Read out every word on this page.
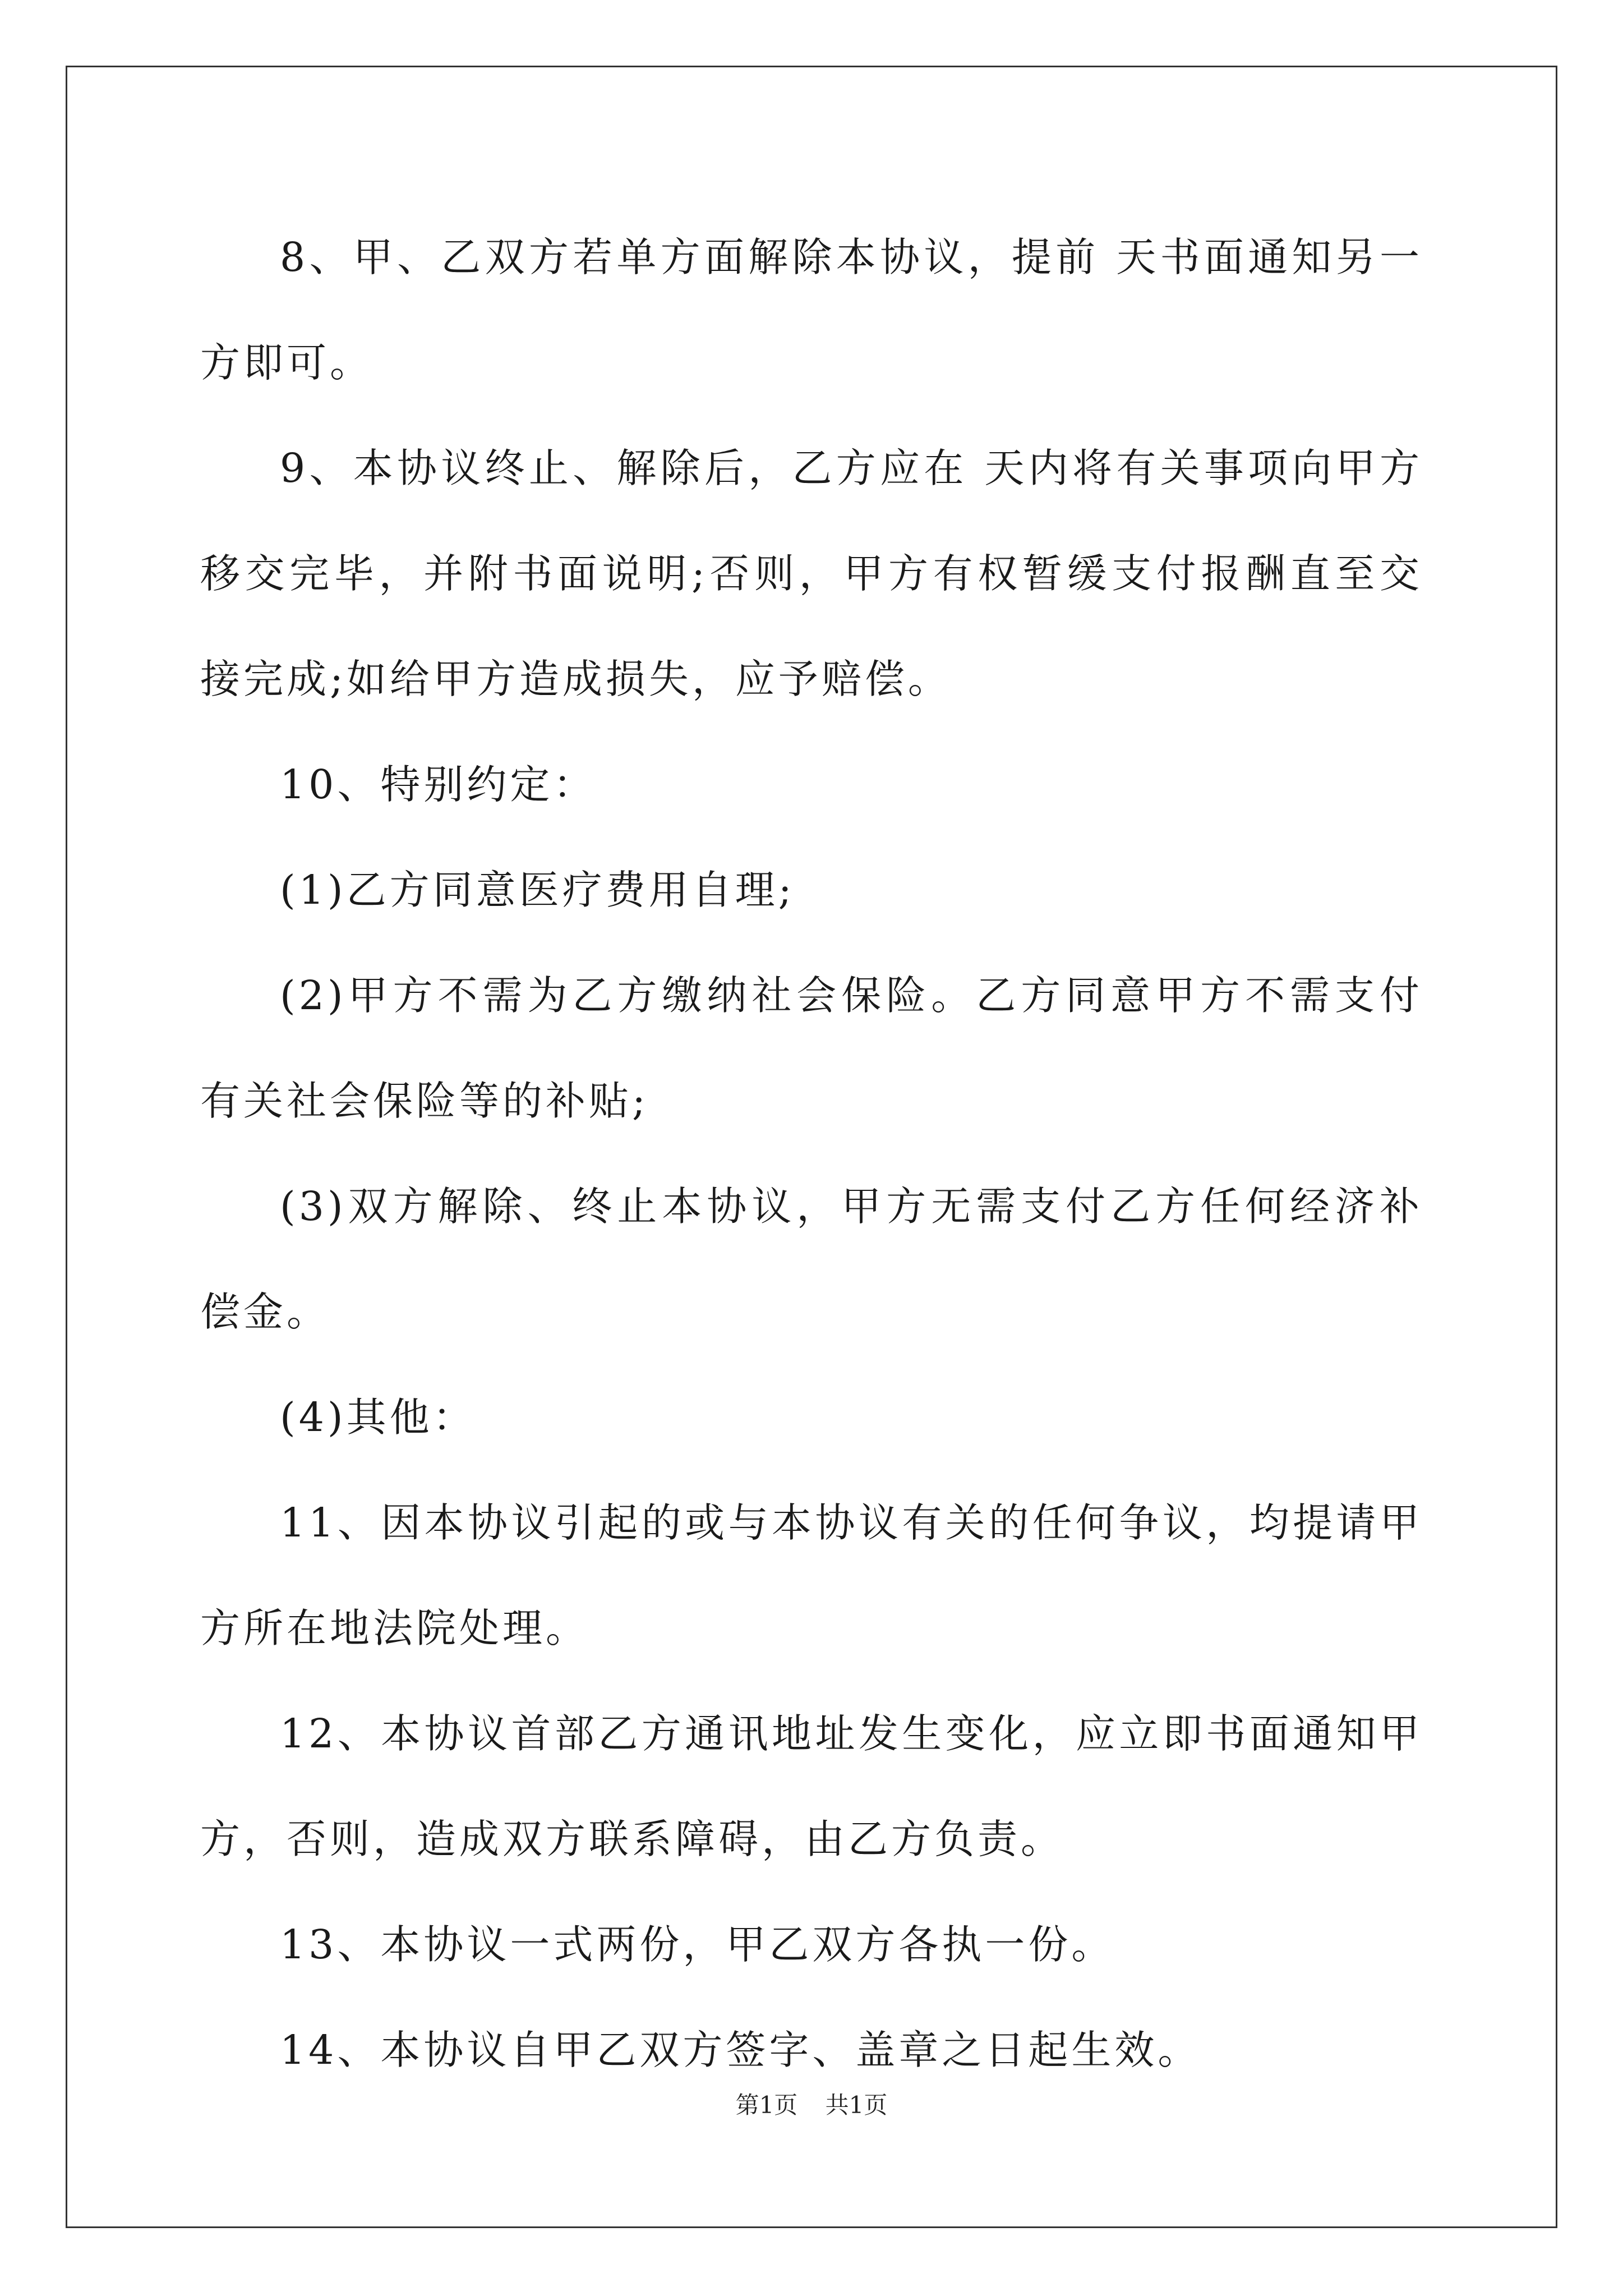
8、甲、乙双方若单方面解除本协议，提前 天书面通知另一方即可。

9、本协议终止、解除后，乙方应在 天内将有关事项向甲方移交完毕，并附书面说明;否则，甲方有权暂缓支付报酬直至交接完成;如给甲方造成损失，应予赔偿。

10、特别约定：

(1)乙方同意医疗费用自理;

(2)甲方不需为乙方缴纳社会保险。乙方同意甲方不需支付有关社会保险等的补贴;

(3)双方解除、终止本协议，甲方无需支付乙方任何经济补偿金。

(4)其他：

11、因本协议引起的或与本协议有关的任何争议，均提请甲方所在地法院处理。

12、本协议首部乙方通讯地址发生变化，应立即书面通知甲方，否则，造成双方联系障碍，由乙方负责。

13、本协议一式两份，甲乙双方各执一份。

14、本协议自甲乙双方签字、盖章之日起生效。

第1页 共1页
